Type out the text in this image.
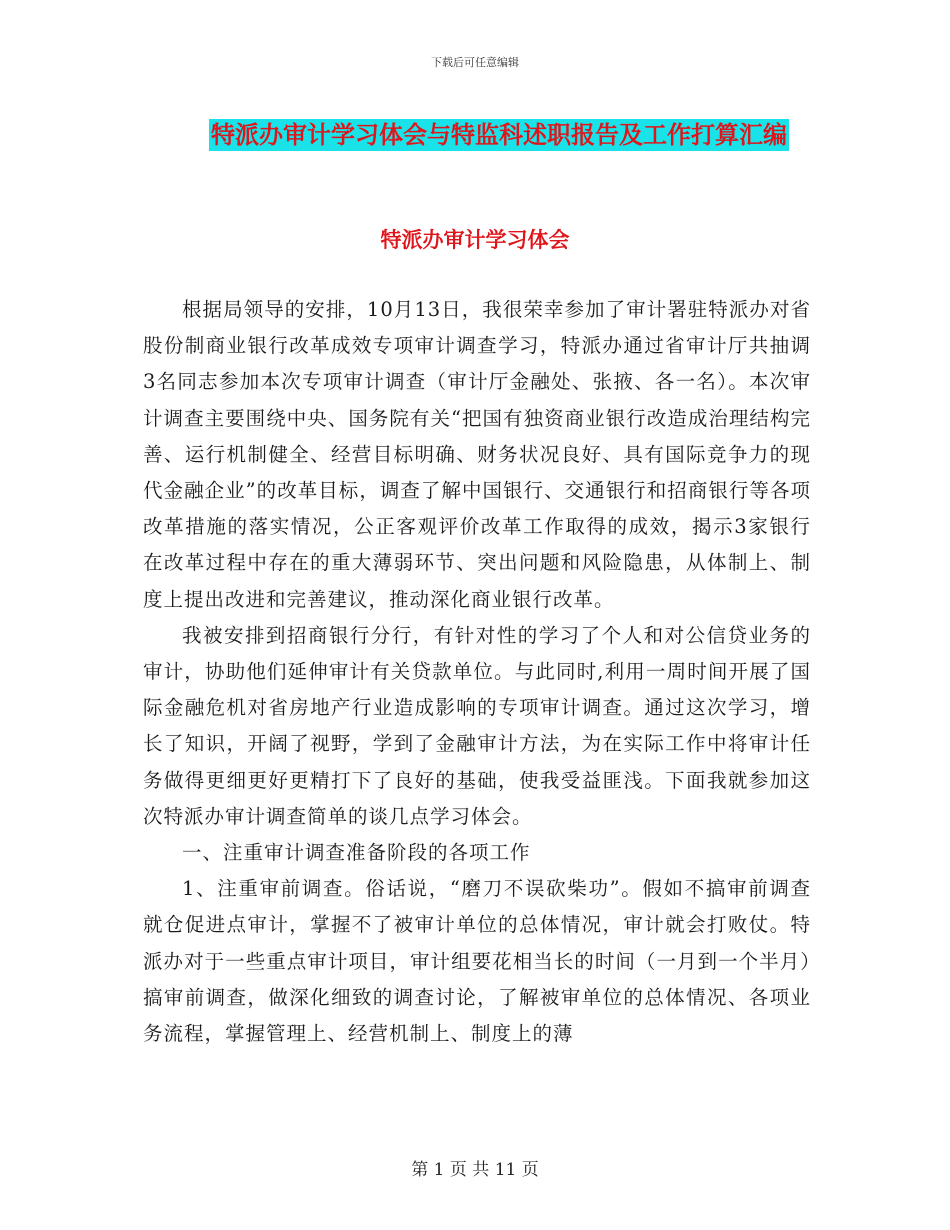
下载后可任意编辑
特派办审计学习体会与特监科述职报告及工作打算汇编
特派办审计学习体会

根据局领导的安排，10月13日，我很荣幸参加了审计署驻特派办对省股份制商业银行改革成效专项审计调查学习，特派办通过省审计厅共抽调3名同志参加本次专项审计调查（审计厅金融处、张掖、各一名）。本次审计调查主要围绕中央、国务院有关“把国有独资商业银行改造成治理结构完善、运行机制健全、经营目标明确、财务状况良好、具有国际竞争力的现代金融企业”的改革目标，调查了解中国银行、交通银行和招商银行等各项改革措施的落实情况，公正客观评价改革工作取得的成效，揭示3家银行在改革过程中存在的重大薄弱环节、突出问题和风险隐患，从体制上、制度上提出改进和完善建议，推动深化商业银行改革。

我被安排到招商银行分行，有针对性的学习了个人和对公信贷业务的审计，协助他们延伸审计有关贷款单位。与此同时,利用一周时间开展了国际金融危机对省房地产行业造成影响的专项审计调查。通过这次学习，增长了知识，开阔了视野，学到了金融审计方法，为在实际工作中将审计任务做得更细更好更精打下了良好的基础，使我受益匪浅。下面我就参加这次特派办审计调查简单的谈几点学习体会。

一、注重审计调查准备阶段的各项工作

1、注重审前调查。俗话说，“磨刀不误砍柴功”。假如不搞审前调查就仓促进点审计，掌握不了被审计单位的总体情况，审计就会打败仗。特派办对于一些重点审计项目，审计组要花相当长的时间（一月到一个半月）搞审前调查，做深化细致的调查讨论，了解被审单位的总体情况、各项业务流程，掌握管理上、经营机制上、制度上的薄

第 1 页 共 11 页
